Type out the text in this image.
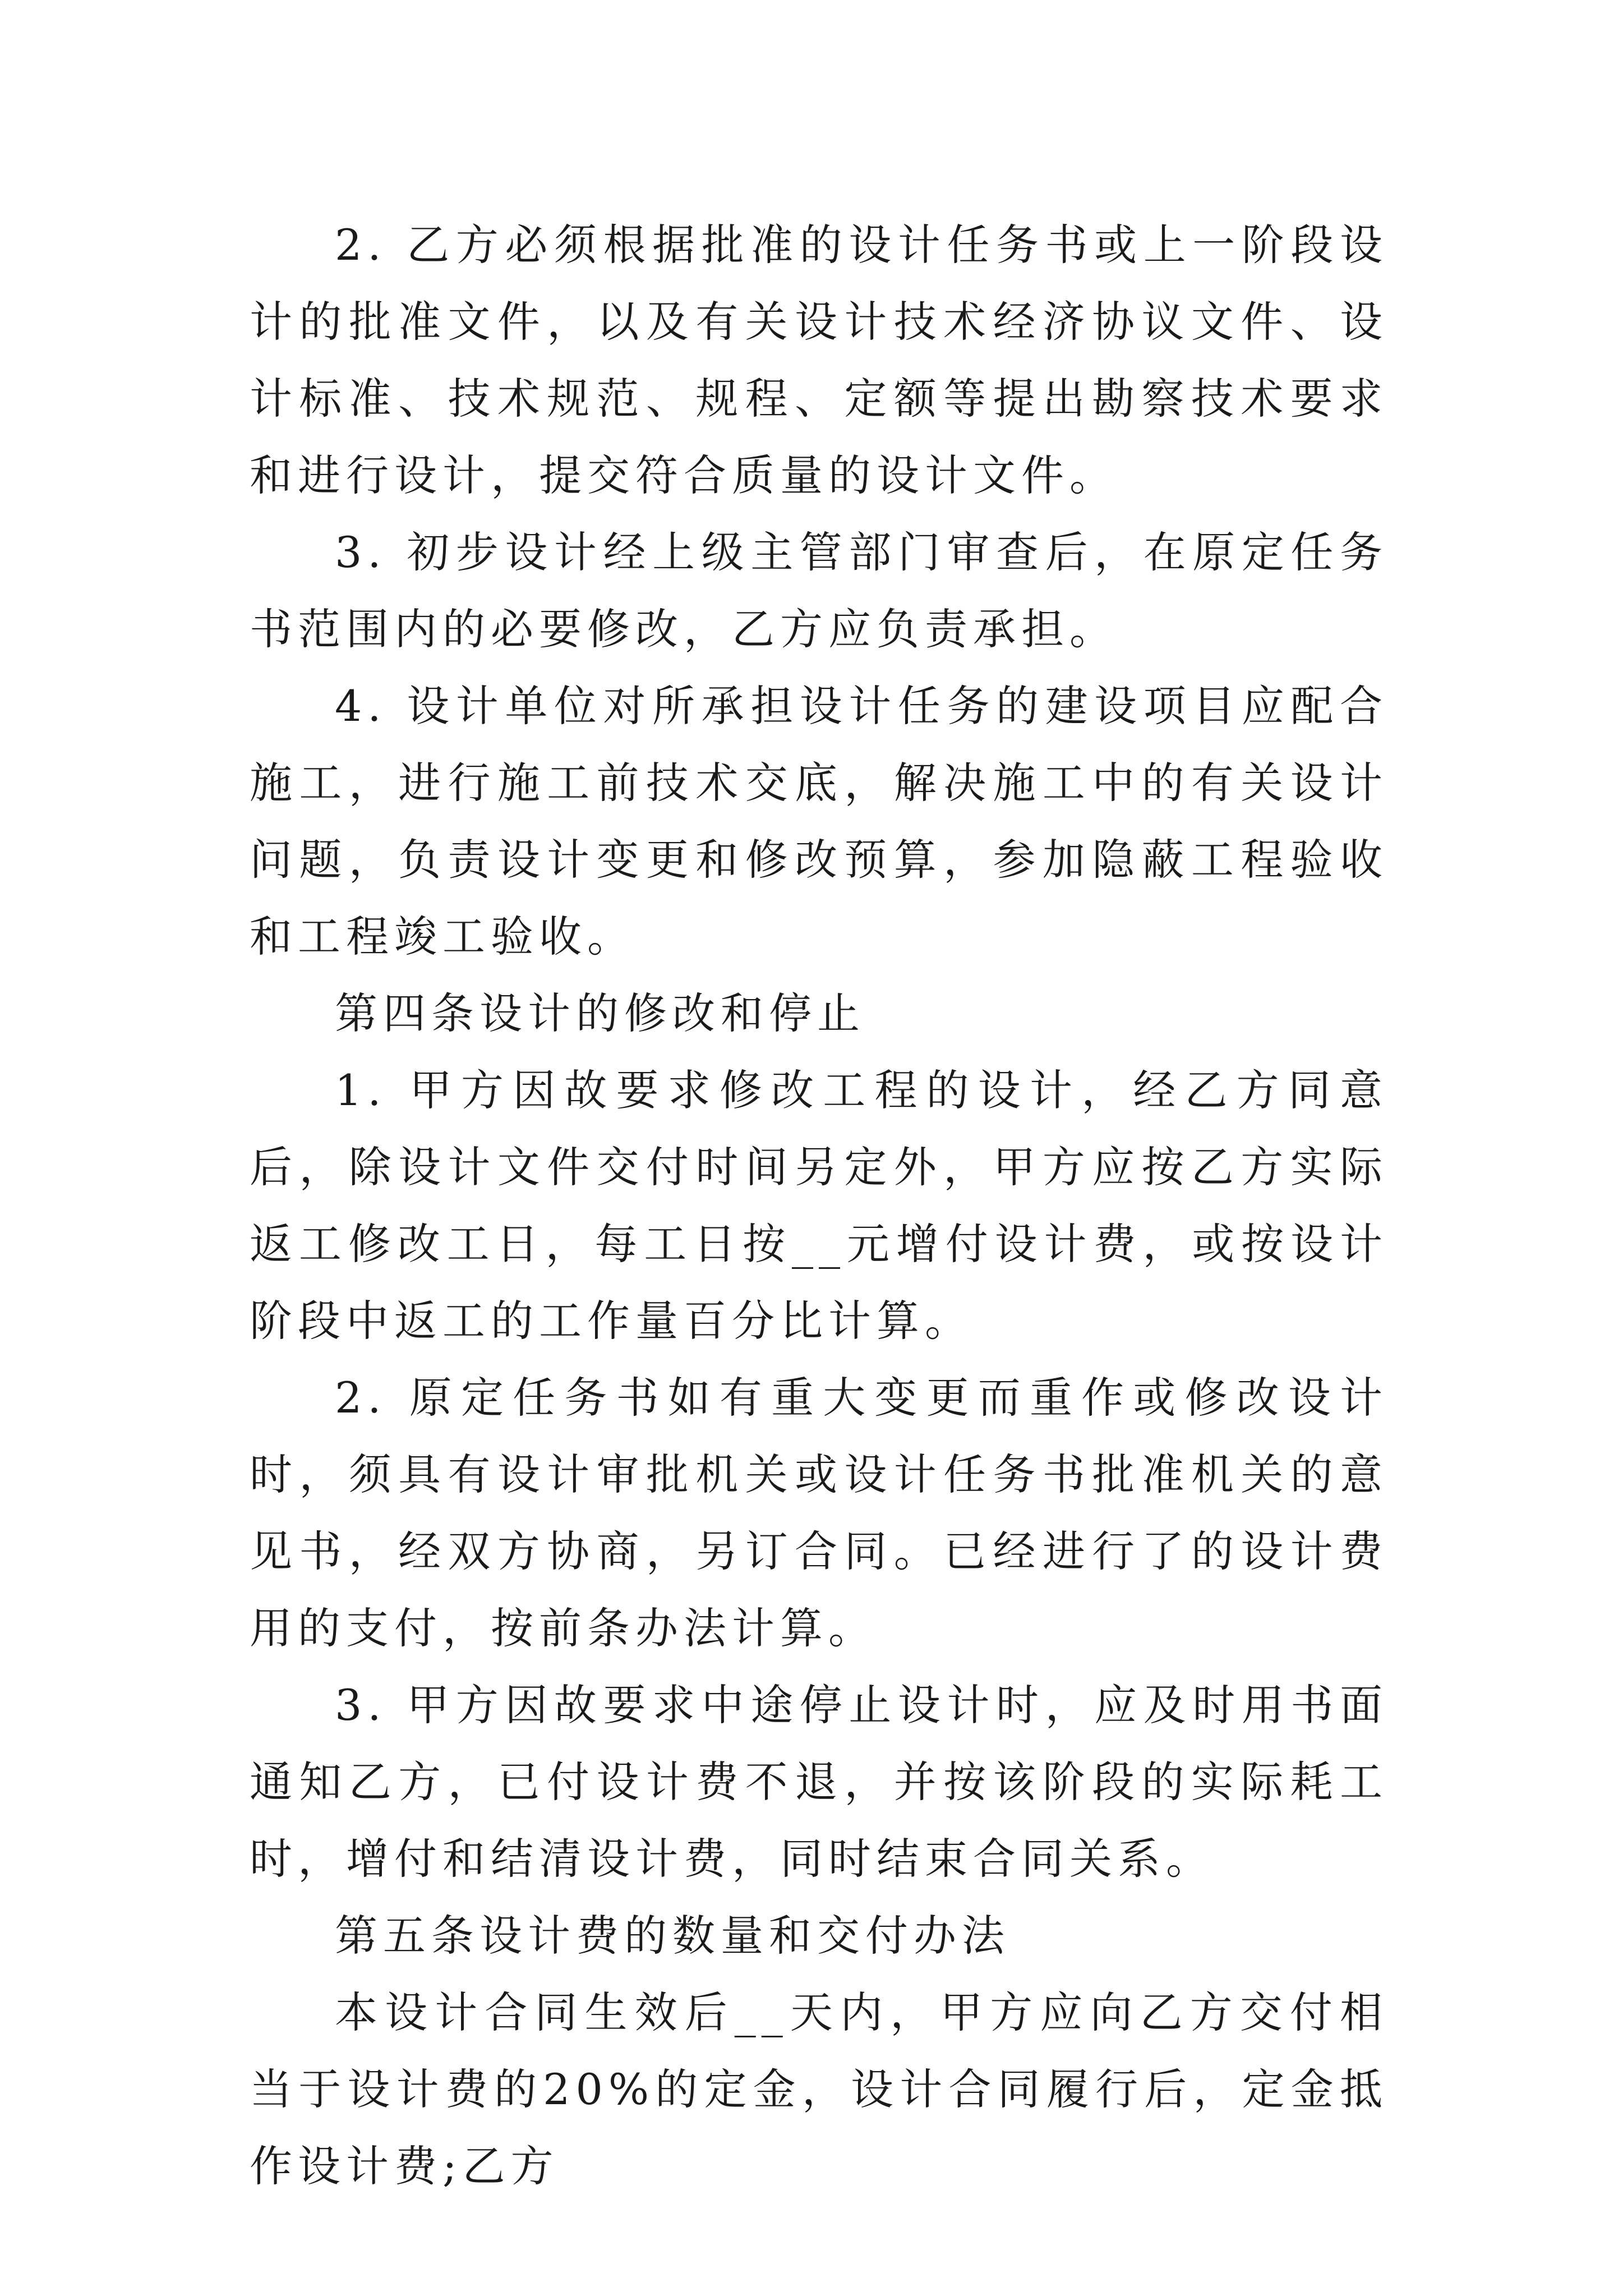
2. 乙方必须根据批准的设计任务书或上一阶段设计的批准文件，以及有关设计技术经济协议文件、设计标准、技术规范、规程、定额等提出勘察技术要求和进行设计，提交符合质量的设计文件。

3. 初步设计经上级主管部门审查后，在原定任务书范围内的必要修改，乙方应负责承担。

4. 设计单位对所承担设计任务的建设项目应配合施工，进行施工前技术交底，解决施工中的有关设计问题，负责设计变更和修改预算，参加隐蔽工程验收和工程竣工验收。

第四条设计的修改和停止

1. 甲方因故要求修改工程的设计，经乙方同意后，除设计文件交付时间另定外，甲方应按乙方实际返工修改工日，每工日按__元增付设计费，或按设计阶段中返工的工作量百分比计算。

2. 原定任务书如有重大变更而重作或修改设计时，须具有设计审批机关或设计任务书批准机关的意见书，经双方协商，另订合同。已经进行了的设计费用的支付，按前条办法计算。

3. 甲方因故要求中途停止设计时，应及时用书面通知乙方，已付设计费不退，并按该阶段的实际耗工时，增付和结清设计费，同时结束合同关系。

第五条设计费的数量和交付办法

本设计合同生效后__天内，甲方应向乙方交付相当于设计费的20%的定金，设计合同履行后，定金抵作设计费;乙方
